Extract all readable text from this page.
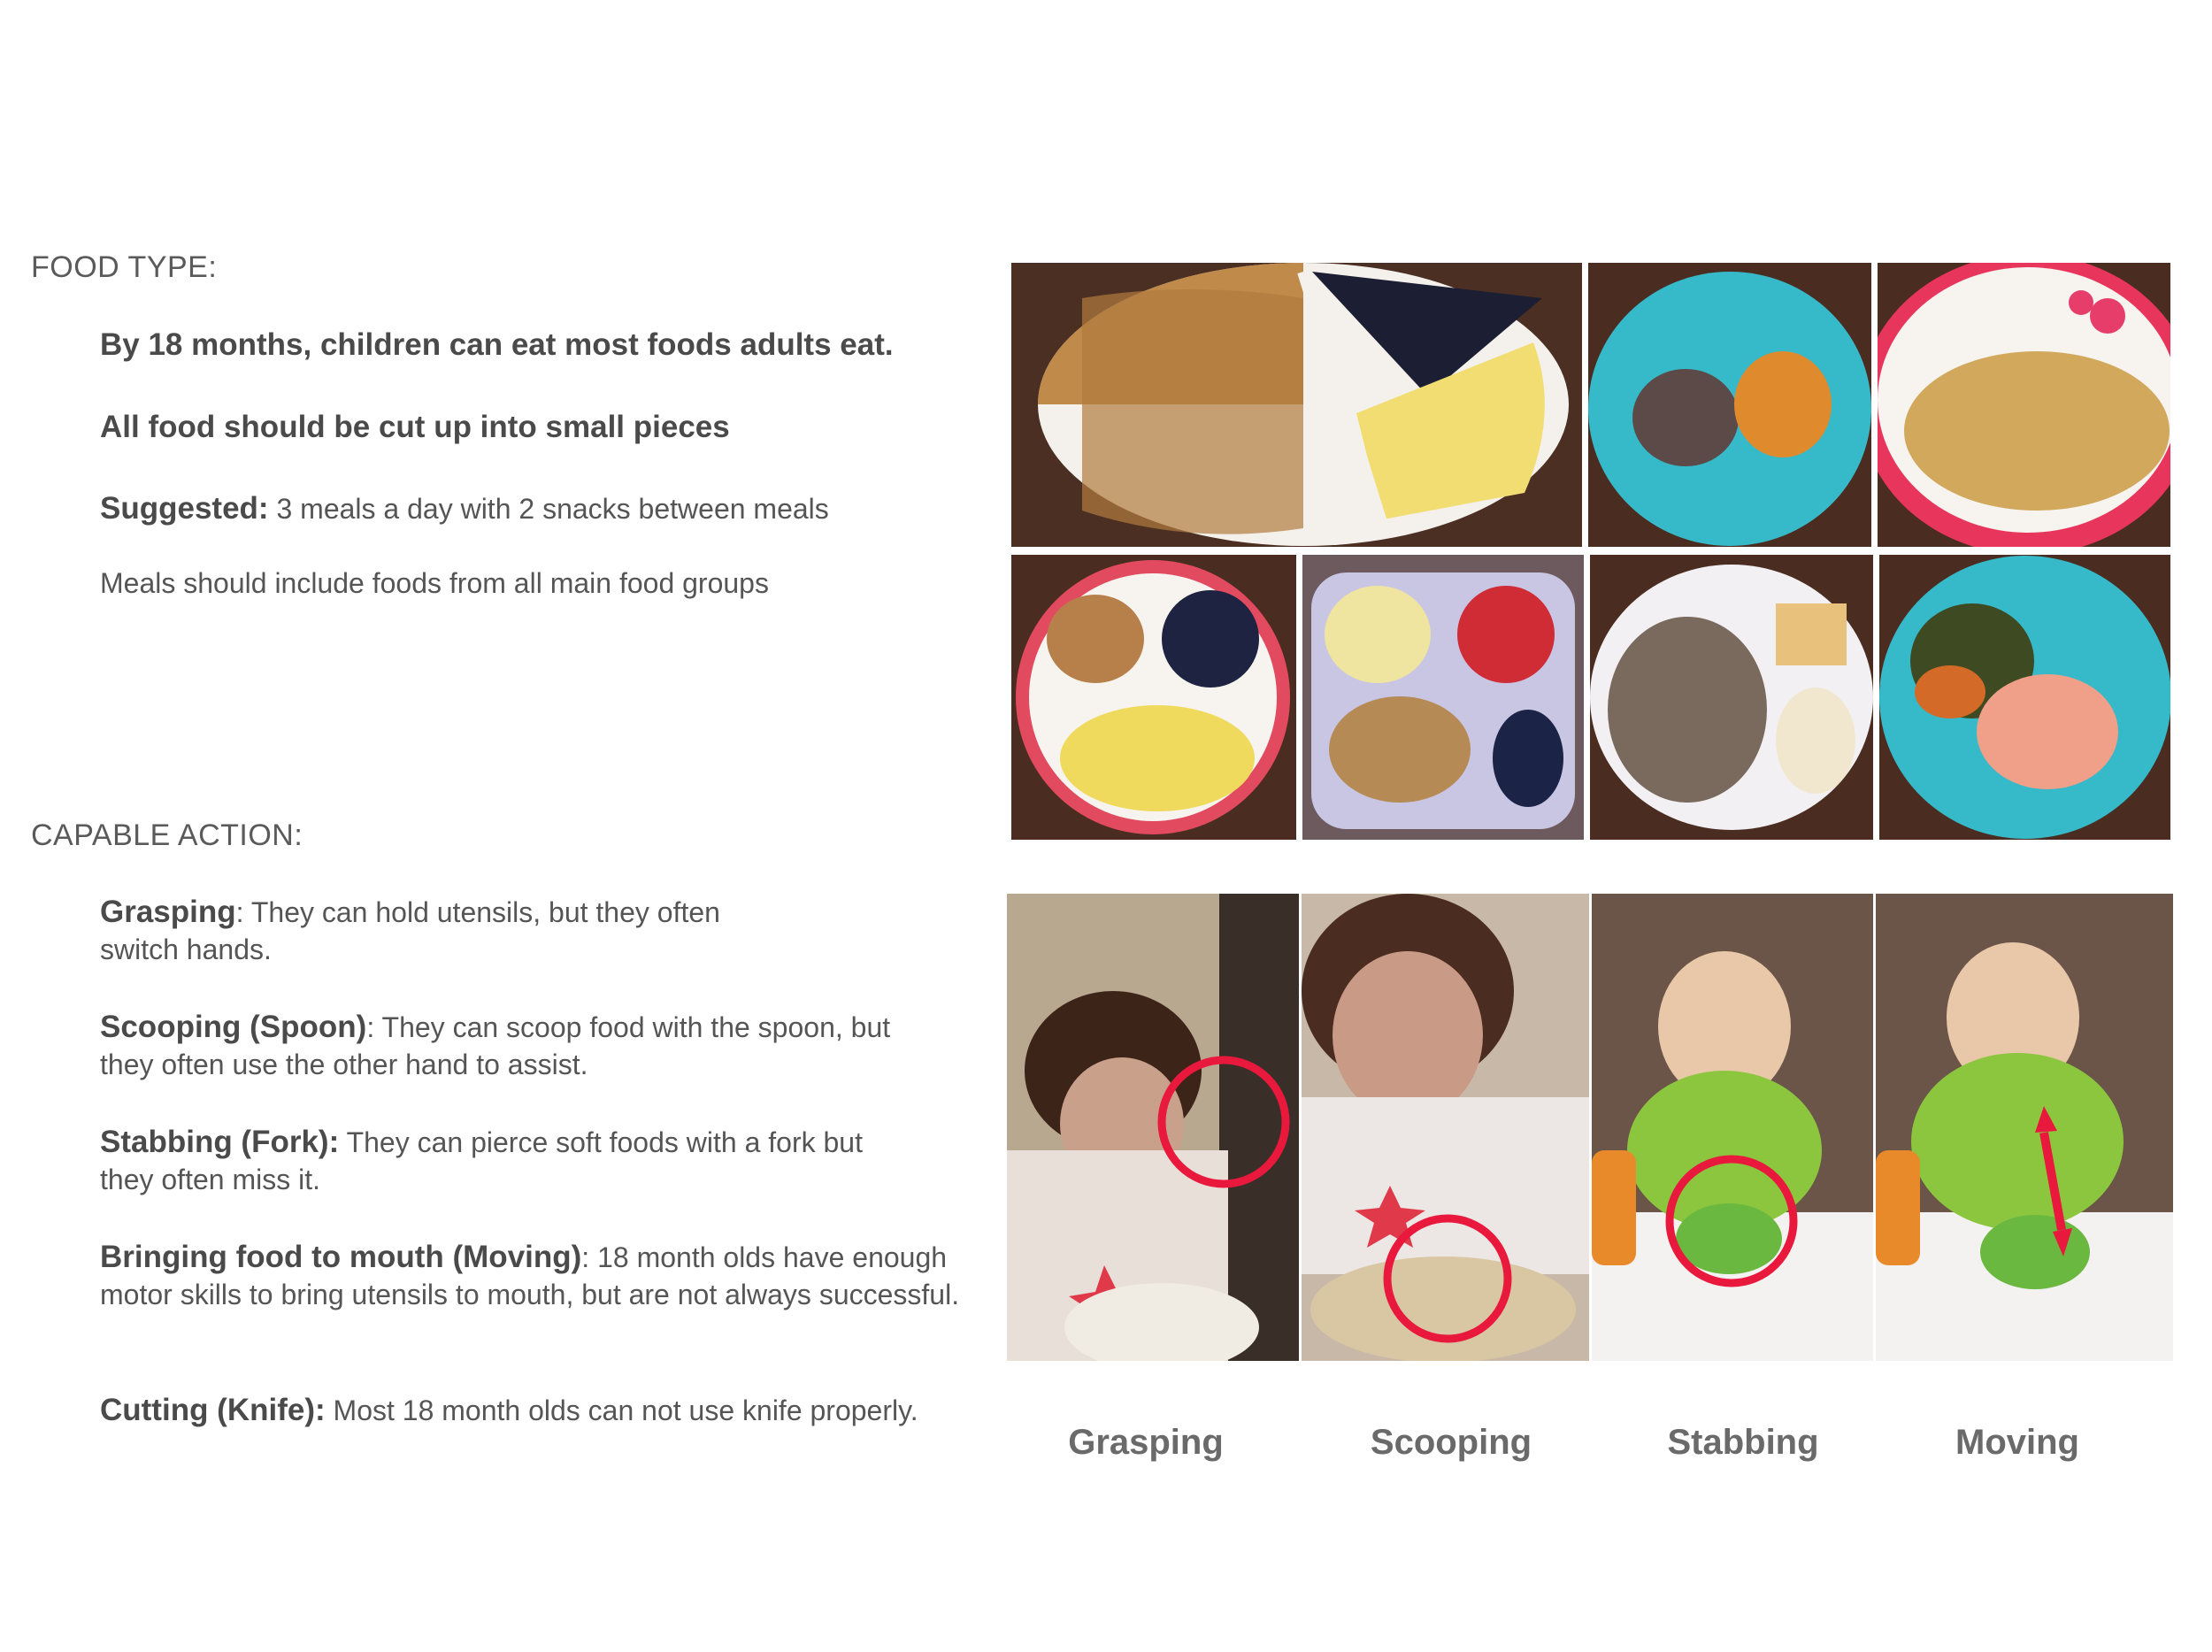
FOOD TYPE:
By 18 months, children can eat most foods adults eat.
All food should be cut up into small pieces
Suggested: 3 meals a day with 2 snacks between meals
Meals should include foods from all main food groups
CAPABLE ACTION:
Grasping: They can hold utensils, but they often switch hands.
Scooping (Spoon): They can scoop food with the spoon, but they often use the other hand to assist.
Stabbing (Fork): They can pierce soft foods with a fork but they often miss it.
Bringing food to mouth (Moving): 18 month olds have enough motor skills to bring utensils to mouth, but are not always successful.
Cutting (Knife): Most 18 month olds can not use knife properly.
Grasping	Scooping	Stabbing	Moving
